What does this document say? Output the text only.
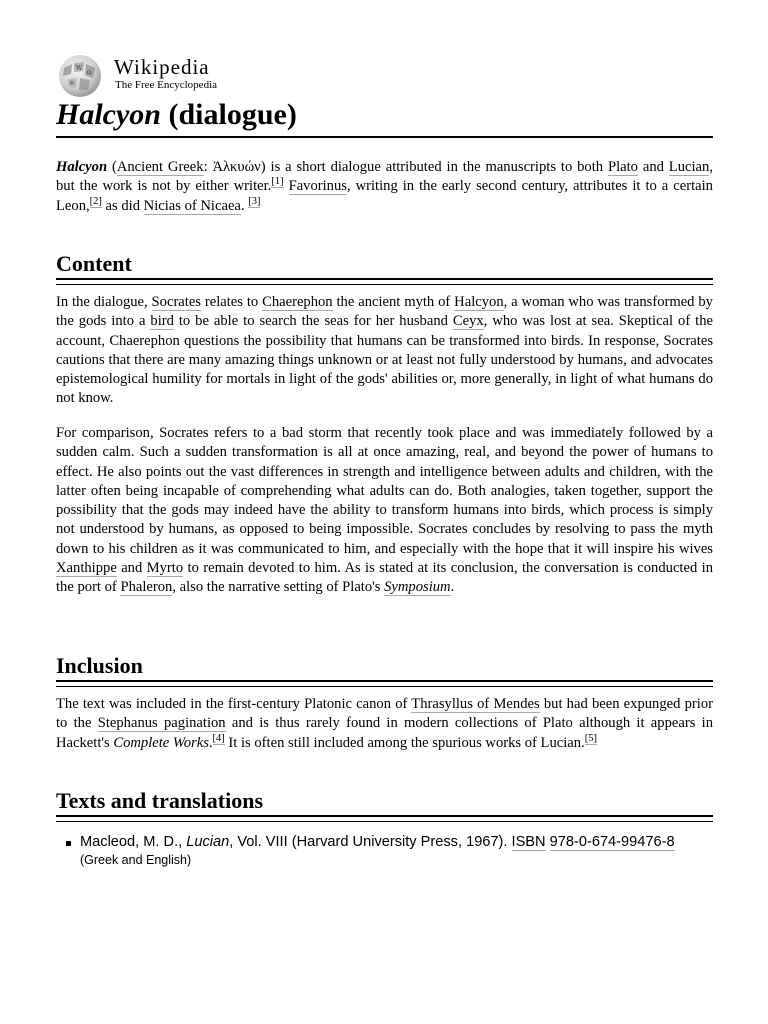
W
Ω
ф
Wikipedia
The Free Encyclopedia
Halcyon (dialogue)

Halcyon (Ancient Greek: Ἀλκυών) is a short dialogue attributed in the manuscripts to both Plato and Lucian, but the work is not by either writer.[1] Favorinus, writing in the early second century, attributes it to a certain Leon,[2] as did Nicias of Nicaea. [3]

Content

In the dialogue, Socrates relates to Chaerephon the ancient myth of Halcyon, a woman who was transformed by the gods into a bird to be able to search the seas for her husband Ceyx, who was lost at sea. Skeptical of the account, Chaerephon questions the possibility that humans can be transformed into birds. In response, Socrates cautions that there are many amazing things unknown or at least not fully understood by humans, and advocates epistemological humility for mortals in light of the gods' abilities or, more generally, in light of what humans do not know.

For comparison, Socrates refers to a bad storm that recently took place and was immediately followed by a sudden calm. Such a sudden transformation is all at once amazing, real, and beyond the power of humans to effect. He also points out the vast differences in strength and intelligence between adults and children, with the latter often being incapable of comprehending what adults can do. Both analogies, taken together, support the possibility that the gods may indeed have the ability to transform humans into birds, which process is simply not understood by humans, as opposed to being impossible. Socrates concludes by resolving to pass the myth down to his children as it was communicated to him, and especially with the hope that it will inspire his wives Xanthippe and Myrto to remain devoted to him. As is stated at its conclusion, the conversation is conducted in the port of Phaleron, also the narrative setting of Plato's Symposium.

Inclusion

The text was included in the first-century Platonic canon of Thrasyllus of Mendes but had been expunged prior to the Stephanus pagination and is thus rarely found in modern collections of Plato although it appears in Hackett's Complete Works.[4] It is often still included among the spurious works of Lucian.[5]

Texts and translations
Macleod, M. D., Lucian, Vol. VIII (Harvard University Press, 1967). ISBN 978-0-674-99476-8
(Greek and English)
